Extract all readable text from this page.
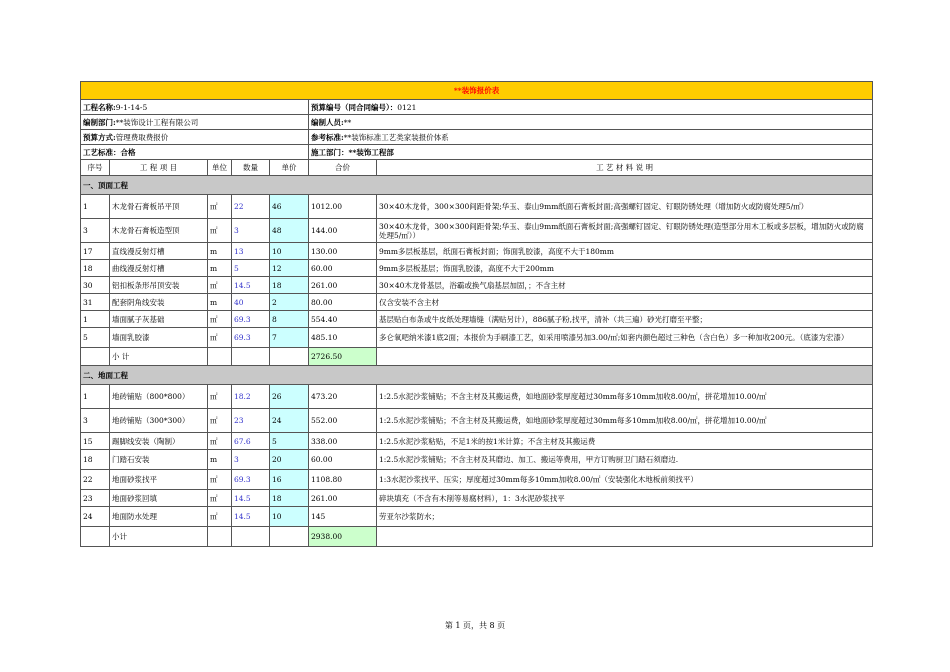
**装饰报价表						
工程名称:9-1-14-5					预算编号（同合同编号）：0121	
编制部门:**装饰设计工程有限公司					编制人员:**	
预算方式:管理费取费报价					参考标准:**装饰标准工艺类家装报价体系	
工艺标准：合格					施工部门：**装饰工程部	
序号	工 程 项 目	单位	数量	单价	合价	工 艺 材 料 说 明
一、顶面工程						
1	木龙骨石膏板吊平顶	㎡	22	46	1012.00	30×40木龙骨，300×300间距骨架;华玉、泰山9mm纸面石膏板封面;高强螺钉固定、钉眼防锈处理（增加防火或防腐处理5/㎡）
3	木龙骨石膏板造型顶	㎡	3	48	144.00	30×40木龙骨，300×300间距骨架;华玉、泰山9mm纸面石膏板封面;高强螺钉固定、钉眼防锈处理(造型部分用木工板或多层板，增加防火或防腐处理5/㎡））
17	直线漫反射灯槽	m	13	10	130.00	9mm多层板基层，纸面石膏板封面；饰面乳胶漆，高度不大于180mm
18	曲线漫反射灯槽	m	5	12	60.00	9mm多层板基层；饰面乳胶漆，高度不大于200mm
30	铝扣板条形吊顶安装	㎡	14.5	18	261.00	30×40木龙骨基层，浴霸或换气扇基层加固，；不含主材
31	配套阴角线安装	m	40	2	80.00	仅含安装不含主材
1	墙面腻子灰基础	㎡	69.3	8	554.40	基层贴白布条或牛皮纸处理墙缝（满贴另计），886腻子粉,找平，清补（共三遍）砂光打磨至平整；
5	墙面乳胶漆	㎡	69.3	7	485.10	多仑氧吧纳米漆1底2面；本报价为手刷漆工艺，如采用喷漆另加3.00/㎡;如套内颜色超过三种色（含白色）多一种加收200元。（底漆为宏漆）
	小 计				2726.50	
二、地面工程						
1	地砖铺贴（800*800）	㎡	18.2	26	473.20	1:2.5水泥沙浆铺贴；不含主材及其搬运费，如地面砂浆厚度超过30mm每多10mm加收8.00/㎡，拼花增加10.00/㎡
3	地砖铺贴（300*300）	㎡	23	24	552.00	1:2.5水泥沙浆铺贴；不含主材及其搬运费，如地面砂浆厚度超过30mm每多10mm加收8.00/㎡，拼花增加10.00/㎡
15	踢脚线安装（陶制）	㎡	67.6	5	338.00	1:2.5水泥沙浆粘贴，不足1米的按1米计算；不含主材及其搬运费
18	门踏石安装	m	3	20	60.00	1:2.5水泥沙浆铺贴；不含主材及其磨边、加工、搬运等费用，甲方订购厨卫门踏石须磨边.
22	地面砂浆找平	㎡	69.3	16	1108.80	1:3水泥沙浆找平、压实；厚度超过30mm每多10mm加收8.00/㎡（安装强化木地板前须找平）
23	地面砂浆回填	㎡	14.5	18	261.00	碎块填充（不含有木削等易腐材料），1：3水泥砂浆找平
24	地面防水处理	㎡	14.5	10	145	劳亚尔沙浆防水；
	小计				2938.00	
第 1 页，共 8 页
